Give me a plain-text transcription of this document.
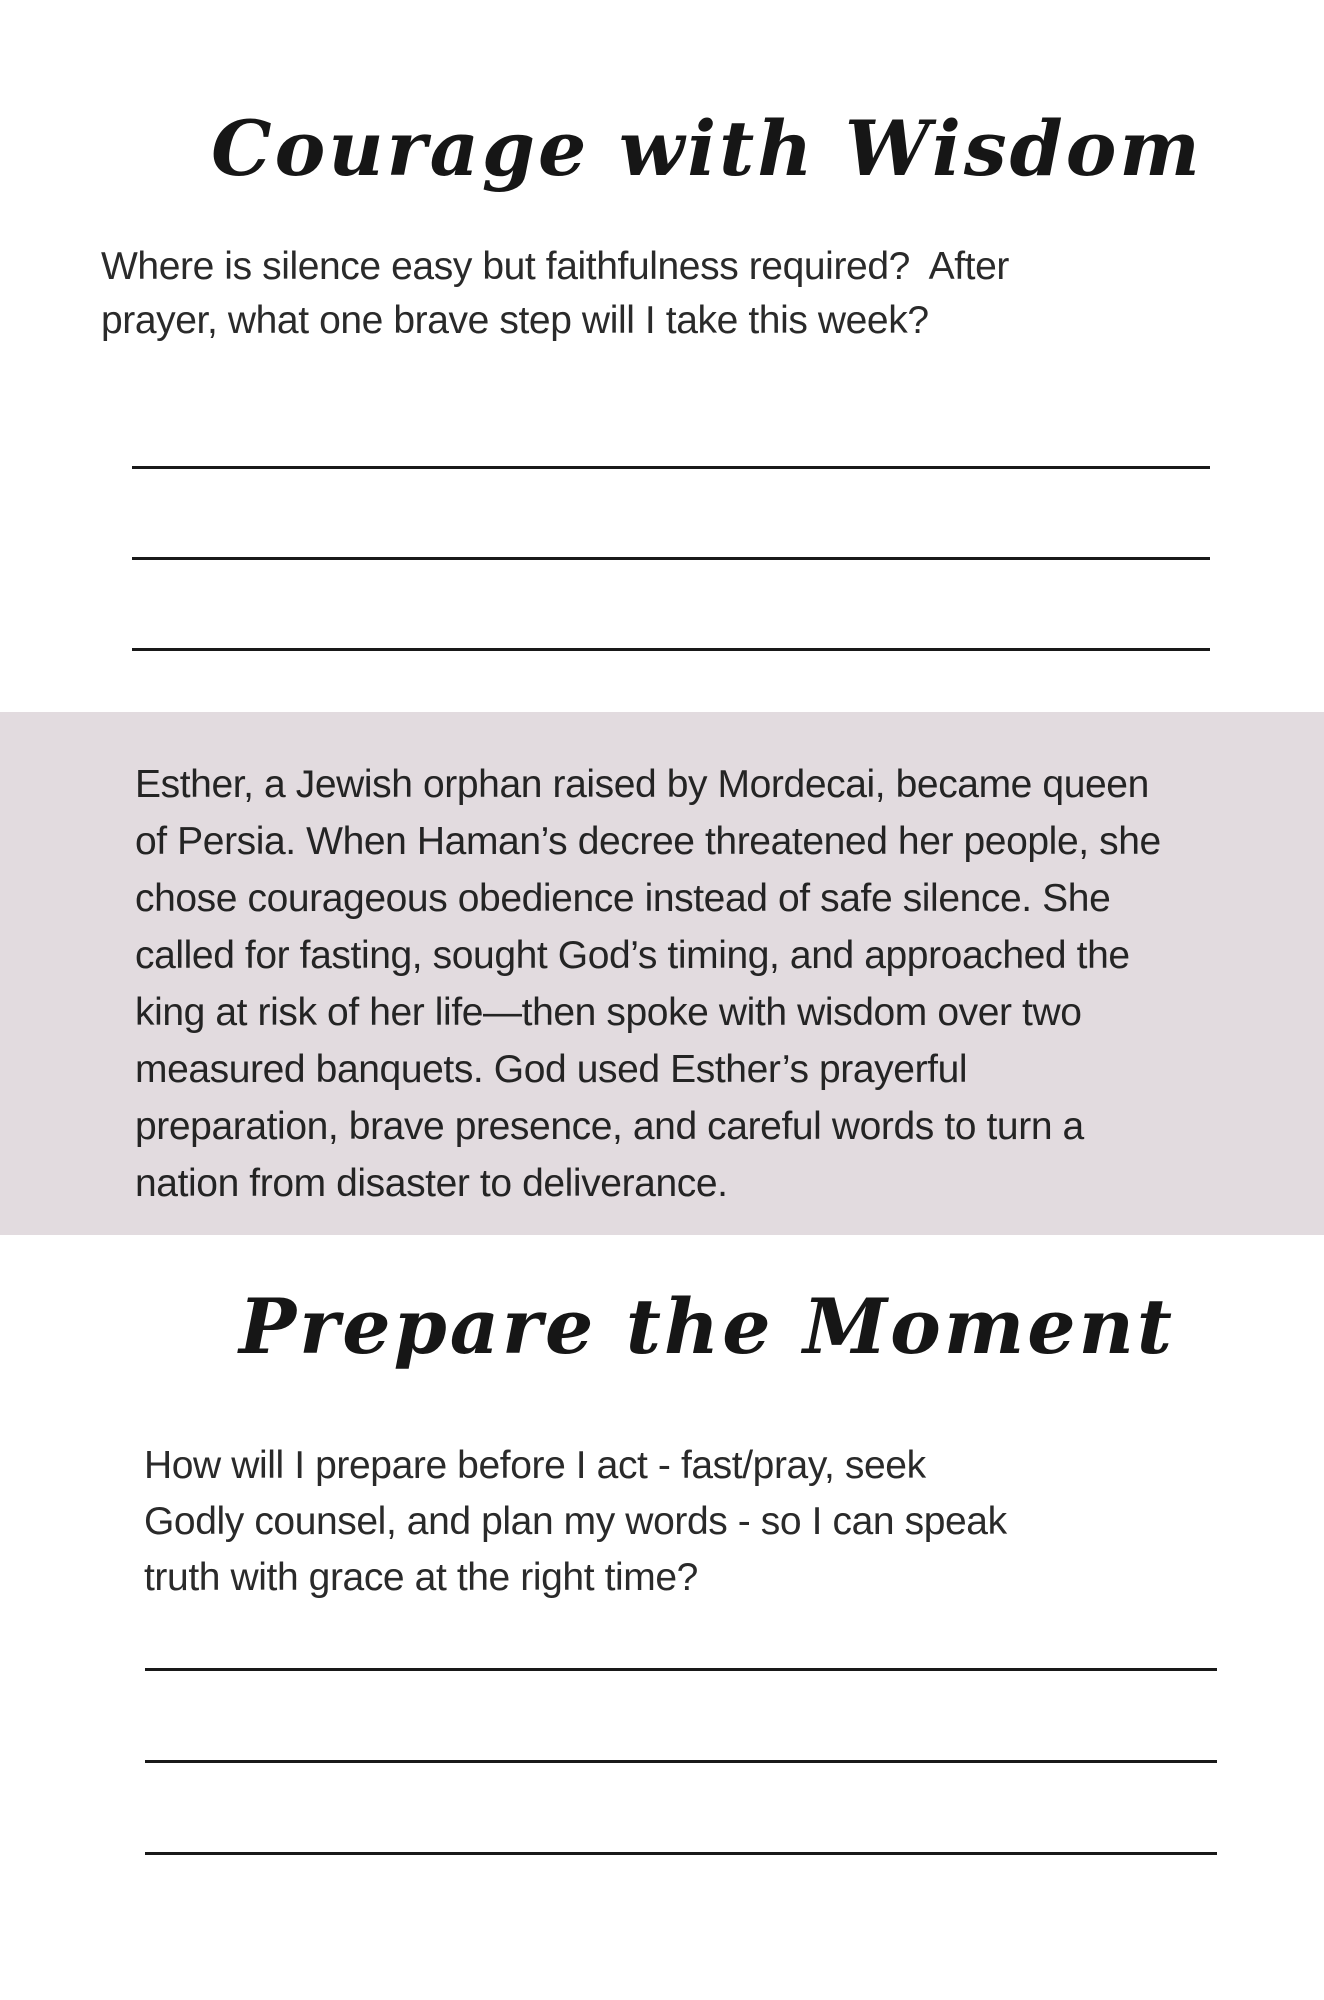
Courage with Wisdom
Where is silence easy but faithfulness required?  After
prayer, what one brave step will I take this week?
Esther, a Jewish orphan raised by Mordecai, became queen
of Persia. When Haman’s decree threatened her people, she
chose courageous obedience instead of safe silence. She
called for fasting, sought God’s timing, and approached the
king at risk of her life—then spoke with wisdom over two
measured banquets. God used Esther’s prayerful
preparation, brave presence, and careful words to turn a
nation from disaster to deliverance.
Prepare the Moment
How will I prepare before I act - fast/pray, seek
Godly counsel, and plan my words - so I can speak
truth with grace at the right time?
